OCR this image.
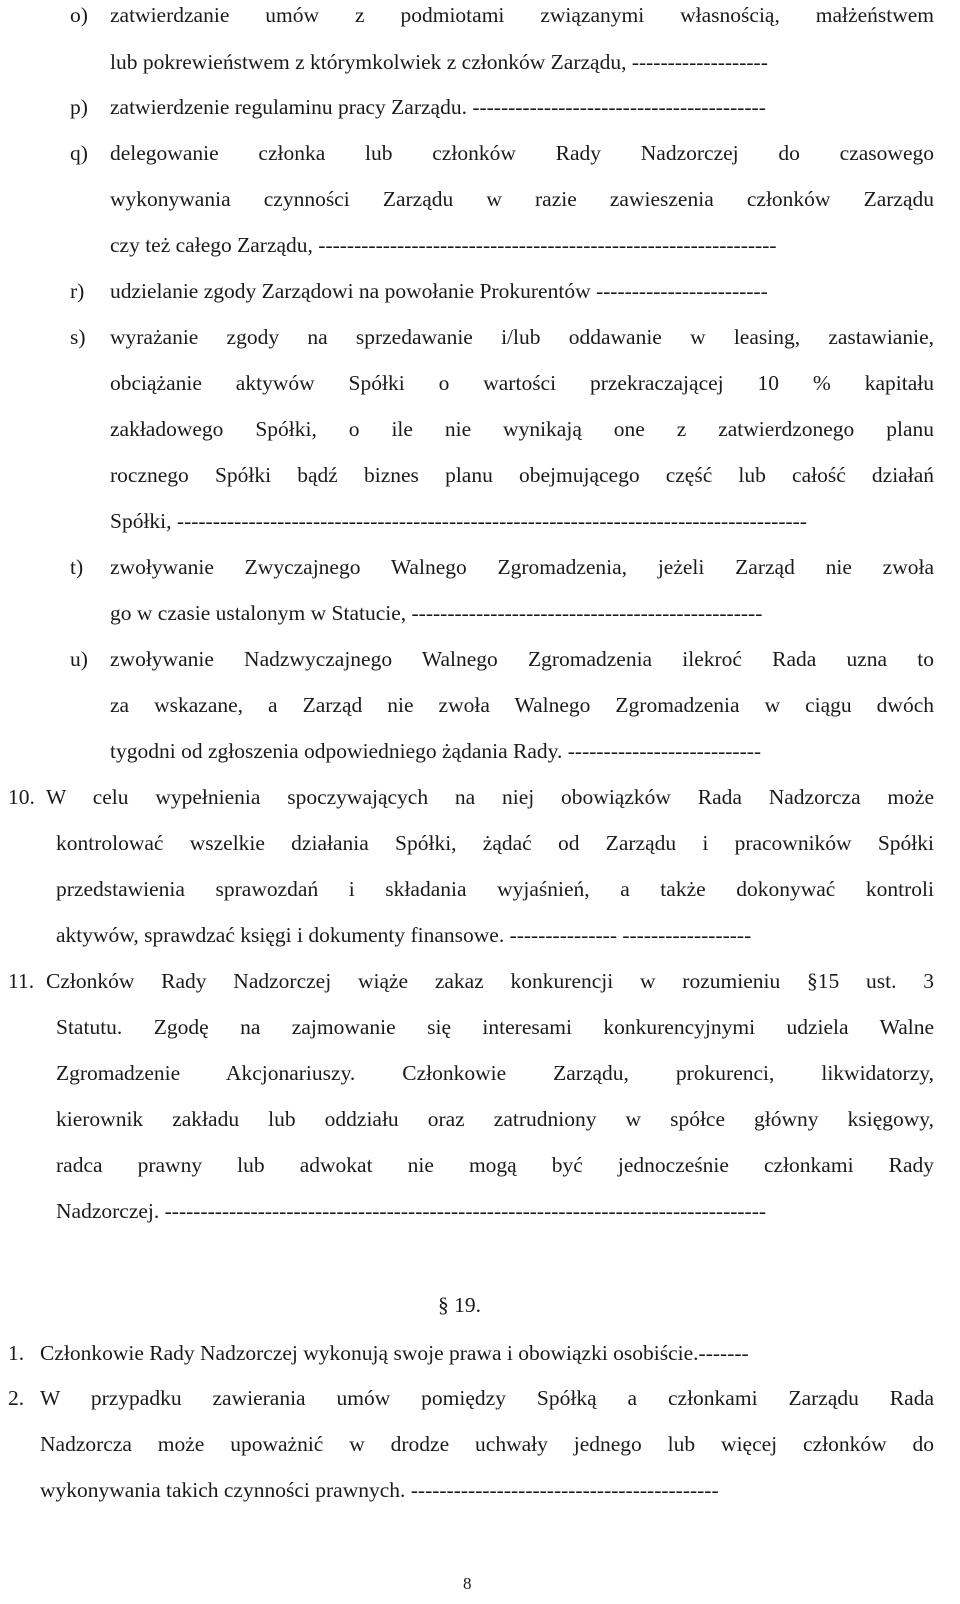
o) zatwierdzanie umów z podmiotami związanymi własnością, małżeństwem
lub pokrewieństwem z którymkolwiek z członków Zarządu, -------------------
p) zatwierdzenie regulaminu pracy Zarządu. -----------------------------------------
q) delegowanie członka lub członków Rady Nadzorczej do czasowego
wykonywania czynności Zarządu w razie zawieszenia członków Zarządu
czy też całego Zarządu, ----------------------------------------------------------------
r) udzielanie zgody Zarządowi na powołanie Prokurentów ------------------------
s) wyrażanie zgody na sprzedawanie i/lub oddawanie w leasing, zastawianie,
obciążanie aktywów Spółki o wartości przekraczającej 10 % kapitału
zakładowego Spółki, o ile nie wynikają one z zatwierdzonego planu
rocznego Spółki bądź biznes planu obejmującego część lub całość działań
Spółki, ----------------------------------------------------------------------------------------
t) zwoływanie Zwyczajnego Walnego Zgromadzenia, jeżeli Zarząd nie zwoła
go w czasie ustalonym w Statucie, -------------------------------------------------
u) zwoływanie Nadzwyczajnego Walnego Zgromadzenia ilekroć Rada uzna to
za wskazane, a Zarząd nie zwoła Walnego Zgromadzenia w ciągu dwóch
tygodni od zgłoszenia odpowiedniego żądania Rady. ---------------------------
10. W celu wypełnienia spoczywających na niej obowiązków Rada Nadzorcza może
kontrolować wszelkie działania Spółki, żądać od Zarządu i pracowników Spółki
przedstawienia sprawozdań i składania wyjaśnień, a także dokonywać kontroli
aktywów, sprawdzać księgi i dokumenty finansowe. --------------- ------------------
11. Członków Rady Nadzorczej wiąże zakaz konkurencji w rozumieniu §15 ust. 3
Statutu. Zgodę na zajmowanie się interesami konkurencyjnymi udziela Walne
Zgromadzenie Akcjonariuszy. Członkowie Zarządu, prokurenci, likwidatorzy,
kierownik zakładu lub oddziału oraz zatrudniony w spółce główny księgowy,
radca prawny lub adwokat nie mogą być jednocześnie członkami Rady
Nadzorczej. ------------------------------------------------------------------------------------
§ 19.
1. Członkowie Rady Nadzorczej wykonują swoje prawa i obowiązki osobiście.-------
2. W przypadku zawierania umów pomiędzy Spółką a członkami Zarządu Rada
Nadzorcza może upoważnić w drodze uchwały jednego lub więcej członków do
wykonywania takich czynności prawnych. -------------------------------------------
8
